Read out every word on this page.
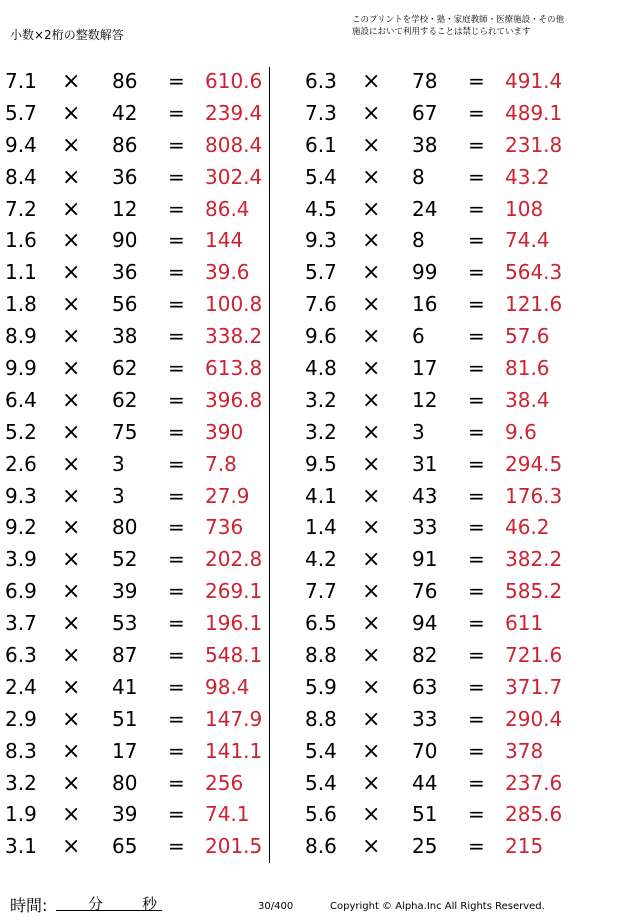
小数×2桁の整数解答
このプリントを学校・塾・家庭教師・医療施設・その他
施設において利用することは禁じられています
7.1 × 86 = 610.6
5.7 × 42 = 239.4
9.4 × 86 = 808.4
8.4 × 36 = 302.4
7.2 × 12 = 86.4
1.6 × 90 = 144
1.1 × 36 = 39.6
1.8 × 56 = 100.8
8.9 × 38 = 338.2
9.9 × 62 = 613.8
6.4 × 62 = 396.8
5.2 × 75 = 390
2.6 × 3 = 7.8
9.3 × 3 = 27.9
9.2 × 80 = 736
3.9 × 52 = 202.8
6.9 × 39 = 269.1
3.7 × 53 = 196.1
6.3 × 87 = 548.1
2.4 × 41 = 98.4
2.9 × 51 = 147.9
8.3 × 17 = 141.1
3.2 × 80 = 256
1.9 × 39 = 74.1
3.1 × 65 = 201.5
6.3 × 78 = 491.4
7.3 × 67 = 489.1
6.1 × 38 = 231.8
5.4 × 8 = 43.2
4.5 × 24 = 108
9.3 × 8 = 74.4
5.7 × 99 = 564.3
7.6 × 16 = 121.6
9.6 × 6 = 57.6
4.8 × 17 = 81.6
3.2 × 12 = 38.4
3.2 × 3 = 9.6
9.5 × 31 = 294.5
4.1 × 43 = 176.3
1.4 × 33 = 46.2
4.2 × 91 = 382.2
7.7 × 76 = 585.2
6.5 × 94 = 611
8.8 × 82 = 721.6
5.9 × 63 = 371.7
8.8 × 33 = 290.4
5.4 × 70 = 378
5.4 × 44 = 237.6
5.6 × 51 = 285.6
8.6 × 25 = 215
時間:	分	秒	30/400	Copyright © Alpha.Inc All Rights Reserved.
